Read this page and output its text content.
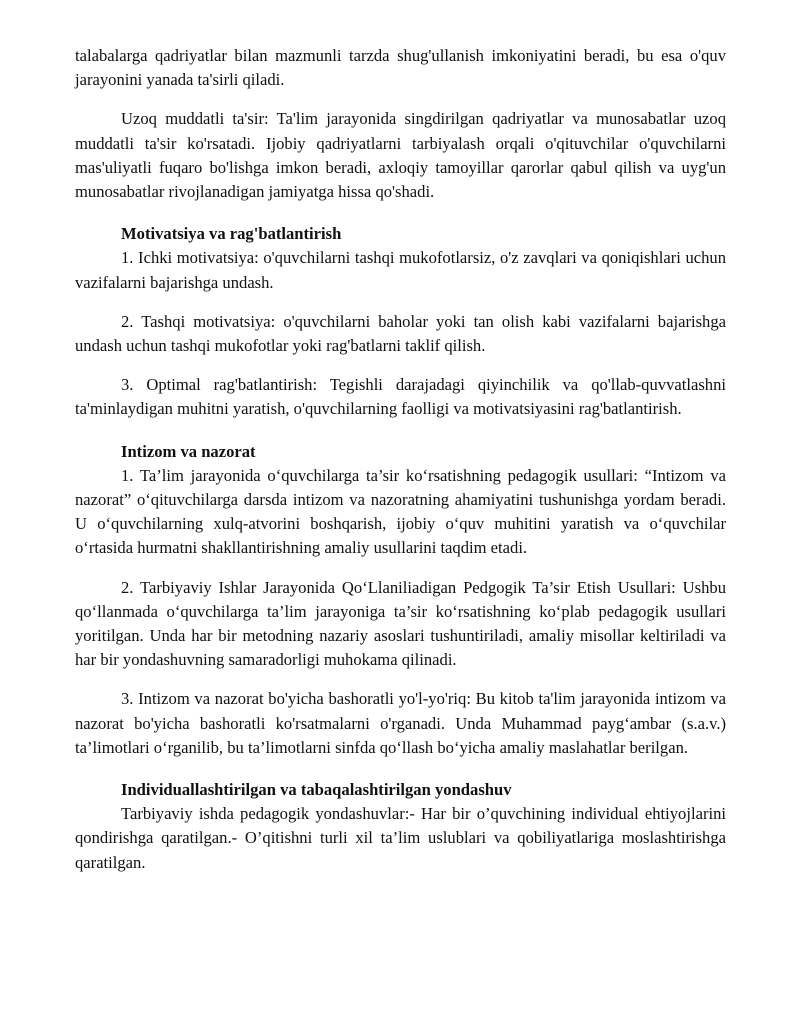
talabalarga qadriyatlar bilan mazmunli tarzda shug'ullanish imkoniyatini beradi, bu esa o'quv jarayonini yanada ta'sirli qiladi.

Uzoq muddatli ta'sir: Ta'lim jarayonida singdirilgan qadriyatlar va munosabatlar uzoq muddatli ta'sir ko'rsatadi. Ijobiy qadriyatlarni tarbiyalash orqali o'qituvchilar o'quvchilarni mas'uliyatli fuqaro bo'lishga imkon beradi, axloqiy tamoyillar qarorlar qabul qilish va uyg'un munosabatlar rivojlanadigan jamiyatga hissa qo'shadi.

Motivatsiya va rag'batlantirish

1. Ichki motivatsiya: o'quvchilarni tashqi mukofotlarsiz, o'z zavqlari va qoniqishlari uchun vazifalarni bajarishga undash.

2. Tashqi motivatsiya: o'quvchilarni baholar yoki tan olish kabi vazifalarni bajarishga undash uchun tashqi mukofotlar yoki rag'batlarni taklif qilish.

3. Optimal rag'batlantirish: Tegishli darajadagi qiyinchilik va qo'llab-quvvatlashni ta'minlaydigan muhitni yaratish, o'quvchilarning faolligi va motivatsiyasini rag'batlantirish.

Intizom va nazorat

1. Ta’lim jarayonida o‘quvchilarga ta’sir ko‘rsatishning pedagogik usullari: “Intizom va nazorat” o‘qituvchilarga darsda intizom va nazoratning ahamiyatini tushunishga yordam beradi. U o‘quvchilarning xulq-atvorini boshqarish, ijobiy o‘quv muhitini yaratish va o‘quvchilar o‘rtasida hurmatni shakllantirishning amaliy usullarini taqdim etadi.

2. Tarbiyaviy Ishlar Jarayonida Qo‘Llaniliadigan Pedgogik Ta’sir Etish Usullari: Ushbu qo‘llanmada o‘quvchilarga ta’lim jarayoniga ta’sir ko‘rsatishning ko‘plab pedagogik usullari yoritilgan. Unda har bir metodning nazariy asoslari tushuntiriladi, amaliy misollar keltiriladi va har bir yondashuvning samaradorligi muhokama qilinadi.

3. Intizom va nazorat bo'yicha bashoratli yo'l-yo'riq: Bu kitob ta'lim jarayonida intizom va nazorat bo'yicha bashoratli ko'rsatmalarni o'rganadi. Unda Muhammad payg‘ambar (s.a.v.) ta’limotlari o‘rganilib, bu ta’limotlarni sinfda qo‘llash bo‘yicha amaliy maslahatlar berilgan.

Individuallashtirilgan va tabaqalashtirilgan yondashuv

Tarbiyaviy ishda pedagogik yondashuvlar:- Har bir o’quvchining individual ehtiyojlarini qondirishga qaratilgan.- O’qitishni turli xil ta’lim uslublari va qobiliyatlariga moslashtirishga qaratilgan.
